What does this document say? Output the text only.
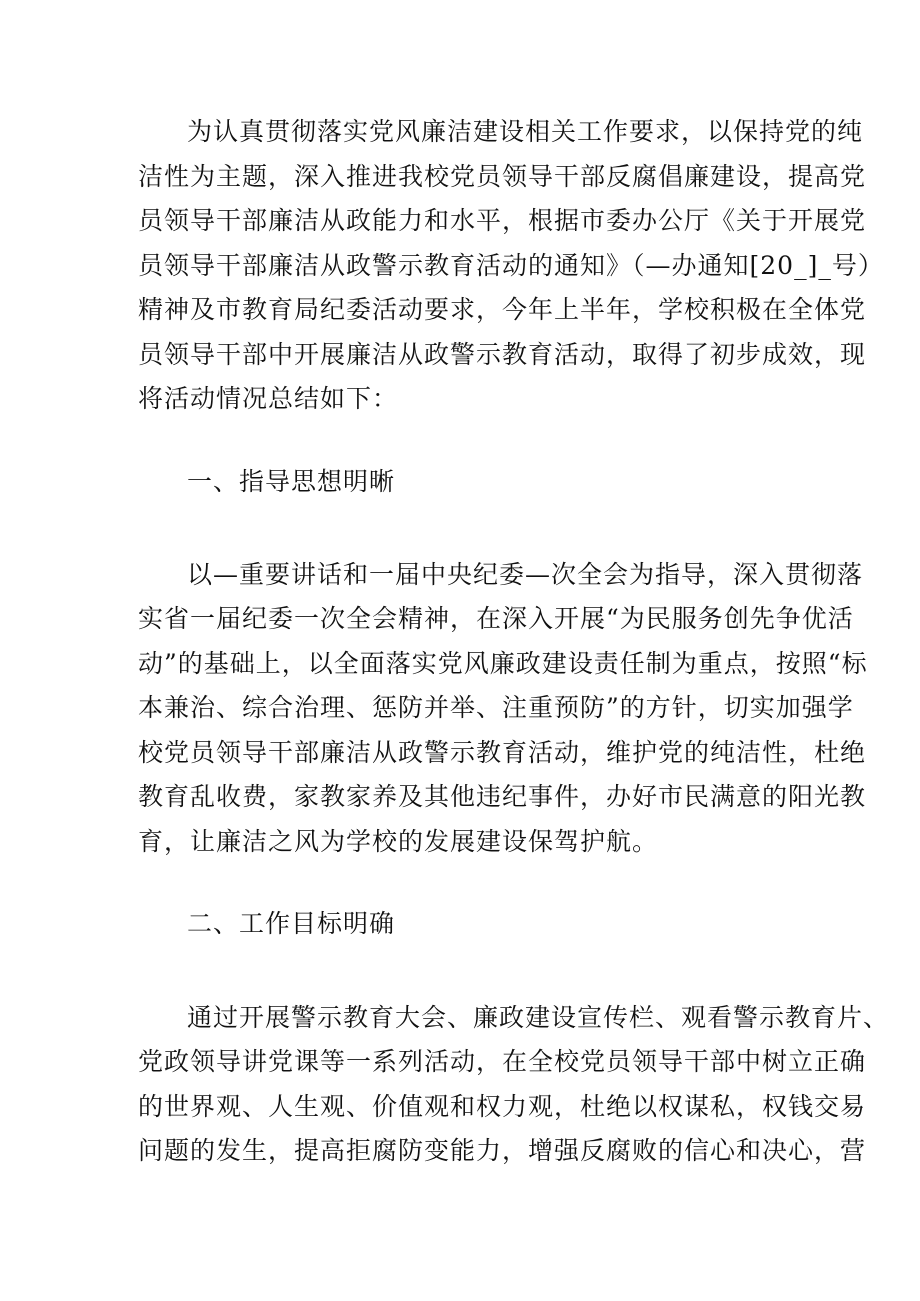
为认真贯彻落实党风廉洁建设相关工作要求，以保持党的纯
洁性为主题，深入推进我校党员领导干部反腐倡廉建设，提高党
员领导干部廉洁从政能力和水平，根据市委办公厅《关于开展党
员领导干部廉洁从政警示教育活动的通知》（—办通知[20_]_号）
精神及市教育局纪委活动要求，今年上半年，学校积极在全体党
员领导干部中开展廉洁从政警示教育活动，取得了初步成效，现
将活动情况总结如下：
一、指导思想明晰
以—重要讲话和一届中央纪委—次全会为指导，深入贯彻落
实省一届纪委一次全会精神，在深入开展“为民服务创先争优活
动”的基础上，以全面落实党风廉政建设责任制为重点，按照“标
本兼治、综合治理、惩防并举、注重预防”的方针，切实加强学
校党员领导干部廉洁从政警示教育活动，维护党的纯洁性，杜绝
教育乱收费，家教家养及其他违纪事件，办好市民满意的阳光教
育，让廉洁之风为学校的发展建设保驾护航。
二、工作目标明确
通过开展警示教育大会、廉政建设宣传栏、观看警示教育片、
党政领导讲党课等一系列活动，在全校党员领导干部中树立正确
的世界观、人生观、价值观和权力观，杜绝以权谋私，权钱交易
问题的发生，提高拒腐防变能力，增强反腐败的信心和决心，营
